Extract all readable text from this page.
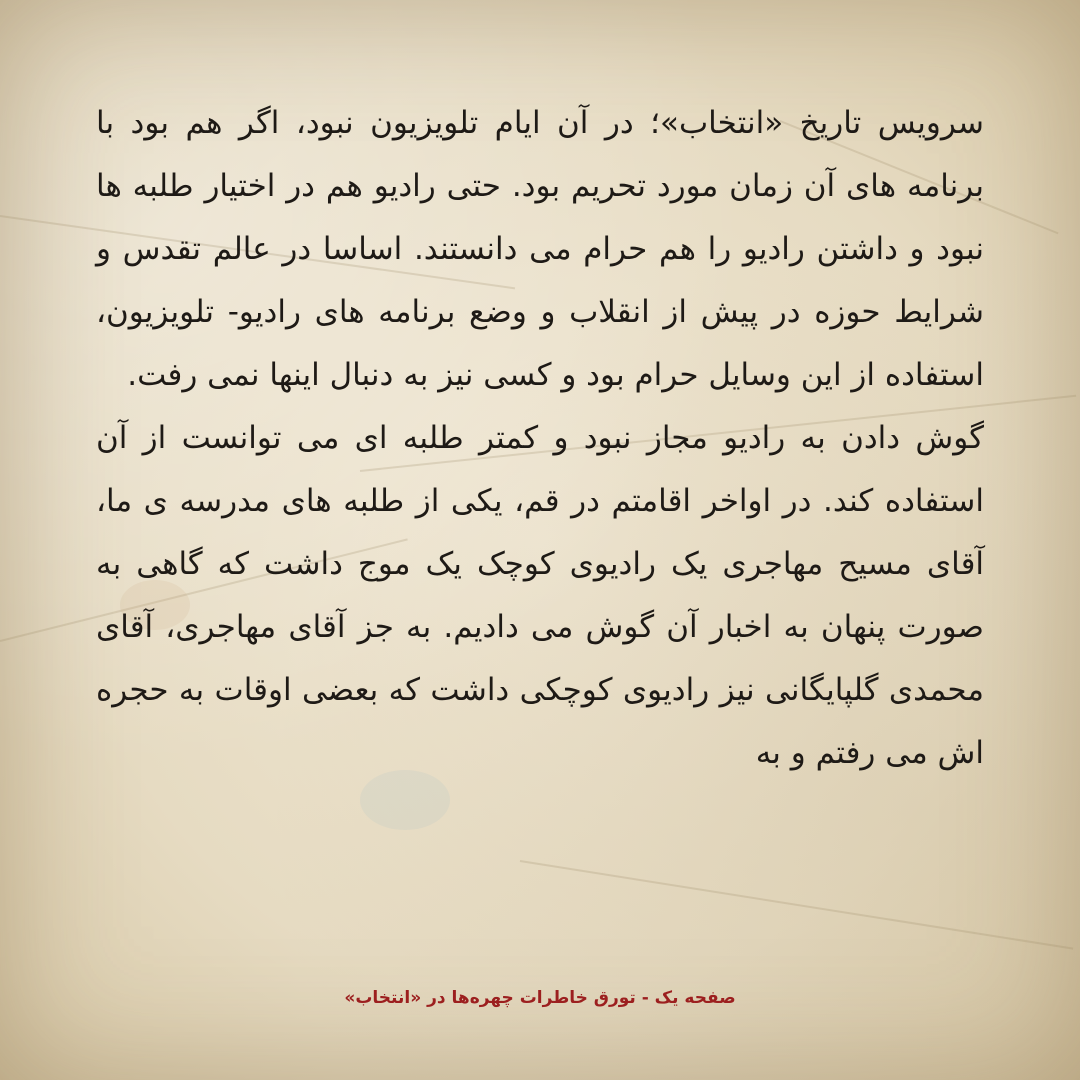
سرویس تاریخ «انتخاب»؛ در آن ایام تلویزیون نبود، اگر هم بود با برنامه های آن زمان مورد تحریم بود. حتی رادیو هم در اختیار طلبه ها نبود و داشتن رادیو را هم حرام می دانستند. اساسا در عالم تقدس و شرایط حوزه در پیش از انقلاب و وضع برنامه های رادیو- تلویزیون، استفاده از این وسایل حرام بود و کسی نیز به دنبال اینها نمی رفت.
گوش دادن به رادیو مجاز نبود و کمتر طلبه ای می توانست از آن استفاده کند. در اواخر اقامتم در قم، یکی از طلبه های مدرسه ی ما، آقای مسیح مهاجری یک رادیوی کوچک یک موج داشت که گاهی به صورت پنهان به اخبار آن گوش می دادیم. به جز آقای مهاجری، آقای محمدی گلپایگانی نیز رادیوی کوچکی داشت که بعضی اوقات به حجره اش می رفتم و به
صفحه یک - تورق خاطرات چهره‌ها در «انتخاب»
